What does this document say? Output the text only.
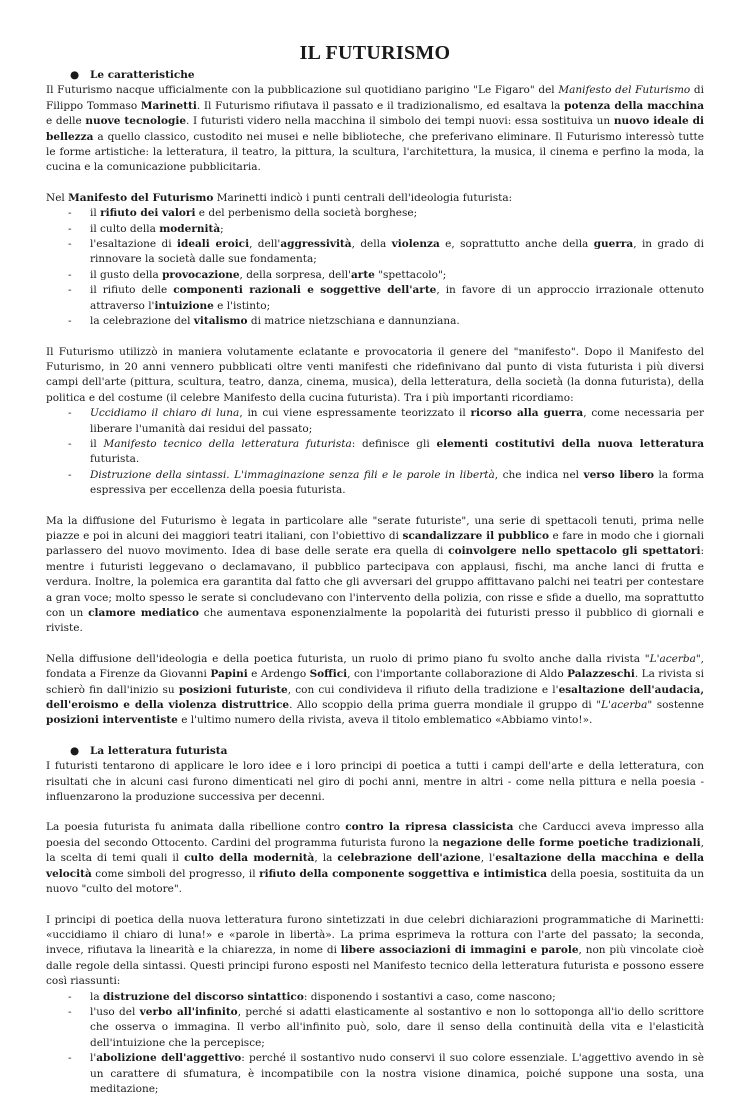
IL FUTURISMO
● Le caratteristiche

Il Futurismo nacque ufficialmente con la pubblicazione sul quotidiano parigino "Le Figaro" del Manifesto del Futurismo di Filippo Tommaso Marinetti. Il Futurismo rifiutava il passato e il tradizionalismo, ed esaltava la potenza della macchina e delle nuove tecnologie. I futuristi videro nella macchina il simbolo dei tempi nuovi: essa sostituiva un nuovo ideale di bellezza a quello classico, custodito nei musei e nelle biblioteche, che preferivano eliminare. Il Futurismo interessò tutte le forme artistiche: la letteratura, il teatro, la pittura, la scultura, l'architettura, la musica, il cinema e perfino la moda, la cucina e la comunicazione pubblicitaria.

Nel Manifesto del Futurismo Marinetti indicò i punti centrali dell'ideologia futurista:

- il rifiuto dei valori e del perbenismo della società borghese;
- il culto della modernità;
- l'esaltazione di ideali eroici, dell'aggressività, della violenza e, soprattutto anche della guerra, in grado di rinnovare la società dalle sue fondamenta;
- il gusto della provocazione, della sorpresa, dell'arte "spettacolo";
- il rifiuto delle componenti razionali e soggettive dell'arte, in favore di un approccio irrazionale ottenuto attraverso l'intuizione e l'istinto;
- la celebrazione del vitalismo di matrice nietzschiana e dannunziana.

Il Futurismo utilizzò in maniera volutamente eclatante e provocatoria il genere del "manifesto". Dopo il Manifesto del Futurismo, in 20 anni vennero pubblicati oltre venti manifesti che ridefinivano dal punto di vista futurista i più diversi campi dell'arte (pittura, scultura, teatro, danza, cinema, musica), della letteratura, della società (la donna futurista), della politica e del costume (il celebre Manifesto della cucina futurista). Tra i più importanti ricordiamo:

- Uccidiamo il chiaro di luna, in cui viene espressamente teorizzato il ricorso alla guerra, come necessaria per liberare l'umanità dai residui del passato;
- il Manifesto tecnico della letteratura futurista: definisce gli elementi costitutivi della nuova letteratura futurista.
- Distruzione della sintassi. L'immaginazione senza fili e le parole in libertà, che indica nel verso libero la forma espressiva per eccellenza della poesia futurista.

Ma la diffusione del Futurismo è legata in particolare alle "serate futuriste", una serie di spettacoli tenuti, prima nelle piazze e poi in alcuni dei maggiori teatri italiani, con l'obiettivo di scandalizzare il pubblico e fare in modo che i giornali parlassero del nuovo movimento. Idea di base delle serate era quella di coinvolgere nello spettacolo gli spettatori: mentre i futuristi leggevano o declamavano, il pubblico partecipava con applausi, fischi, ma anche lanci di frutta e verdura. Inoltre, la polemica era garantita dal fatto che gli avversari del gruppo affittavano palchi nei teatri per contestare a gran voce; molto spesso le serate si concludevano con l'intervento della polizia, con risse e sfide a duello, ma soprattutto con un clamore mediatico che aumentava esponenzialmente la popolarità dei futuristi presso il pubblico di giornali e riviste.

Nella diffusione dell'ideologia e della poetica futurista, un ruolo di primo piano fu svolto anche dalla rivista "L'acerba", fondata a Firenze da Giovanni Papini e Ardengo Soffici, con l'importante collaborazione di Aldo Palazzeschi. La rivista si schierò fin dall'inizio su posizioni futuriste, con cui condivideva il rifiuto della tradizione e l'esaltazione dell'audacia, dell'eroismo e della violenza distruttrice. Allo scoppio della prima guerra mondiale il gruppo di "L'acerba" sostenne posizioni interventiste e l'ultimo numero della rivista, aveva il titolo emblematico «Abbiamo vinto!».

● La letteratura futurista

I futuristi tentarono di applicare le loro idee e i loro principi di poetica a tutti i campi dell'arte e della letteratura, con risultati che in alcuni casi furono dimenticati nel giro di pochi anni, mentre in altri - come nella pittura e nella poesia - influenzarono la produzione successiva per decenni.

La poesia futurista fu animata dalla ribellione contro contro la ripresa classicista che Carducci aveva impresso alla poesia del secondo Ottocento. Cardini del programma futurista furono la negazione delle forme poetiche tradizionali, la scelta di temi quali il culto della modernità, la celebrazione dell'azione, l'esaltazione della macchina e della velocità come simboli del progresso, il rifiuto della componente soggettiva e intimistica della poesia, sostituita da un nuovo "culto del motore".

I principi di poetica della nuova letteratura furono sintetizzati in due celebri dichiarazioni programmatiche di Marinetti: «uccidiamo il chiaro di luna!» e «parole in libertà». La prima esprimeva la rottura con l'arte del passato; la seconda, invece, rifiutava la linearità e la chiarezza, in nome di libere associazioni di immagini e parole, non più vincolate cioè dalle regole della sintassi. Questi principi furono esposti nel Manifesto tecnico della letteratura futurista e possono essere così riassunti:

- la distruzione del discorso sintattico: disponendo i sostantivi a caso, come nascono;
- l'uso del verbo all'infinito, perché si adatti elasticamente al sostantivo e non lo sottoponga all'io dello scrittore che osserva o immagina. Il verbo all'infinito può, solo, dare il senso della continuità della vita e l'elasticità dell'intuizione che la percepisce;
- l'abolizione dell'aggettivo: perché il sostantivo nudo conservi il suo colore essenziale. L'aggettivo avendo in sè un carattere di sfumatura, è incompatibile con la nostra visione dinamica, poiché suppone una sosta, una meditazione;
